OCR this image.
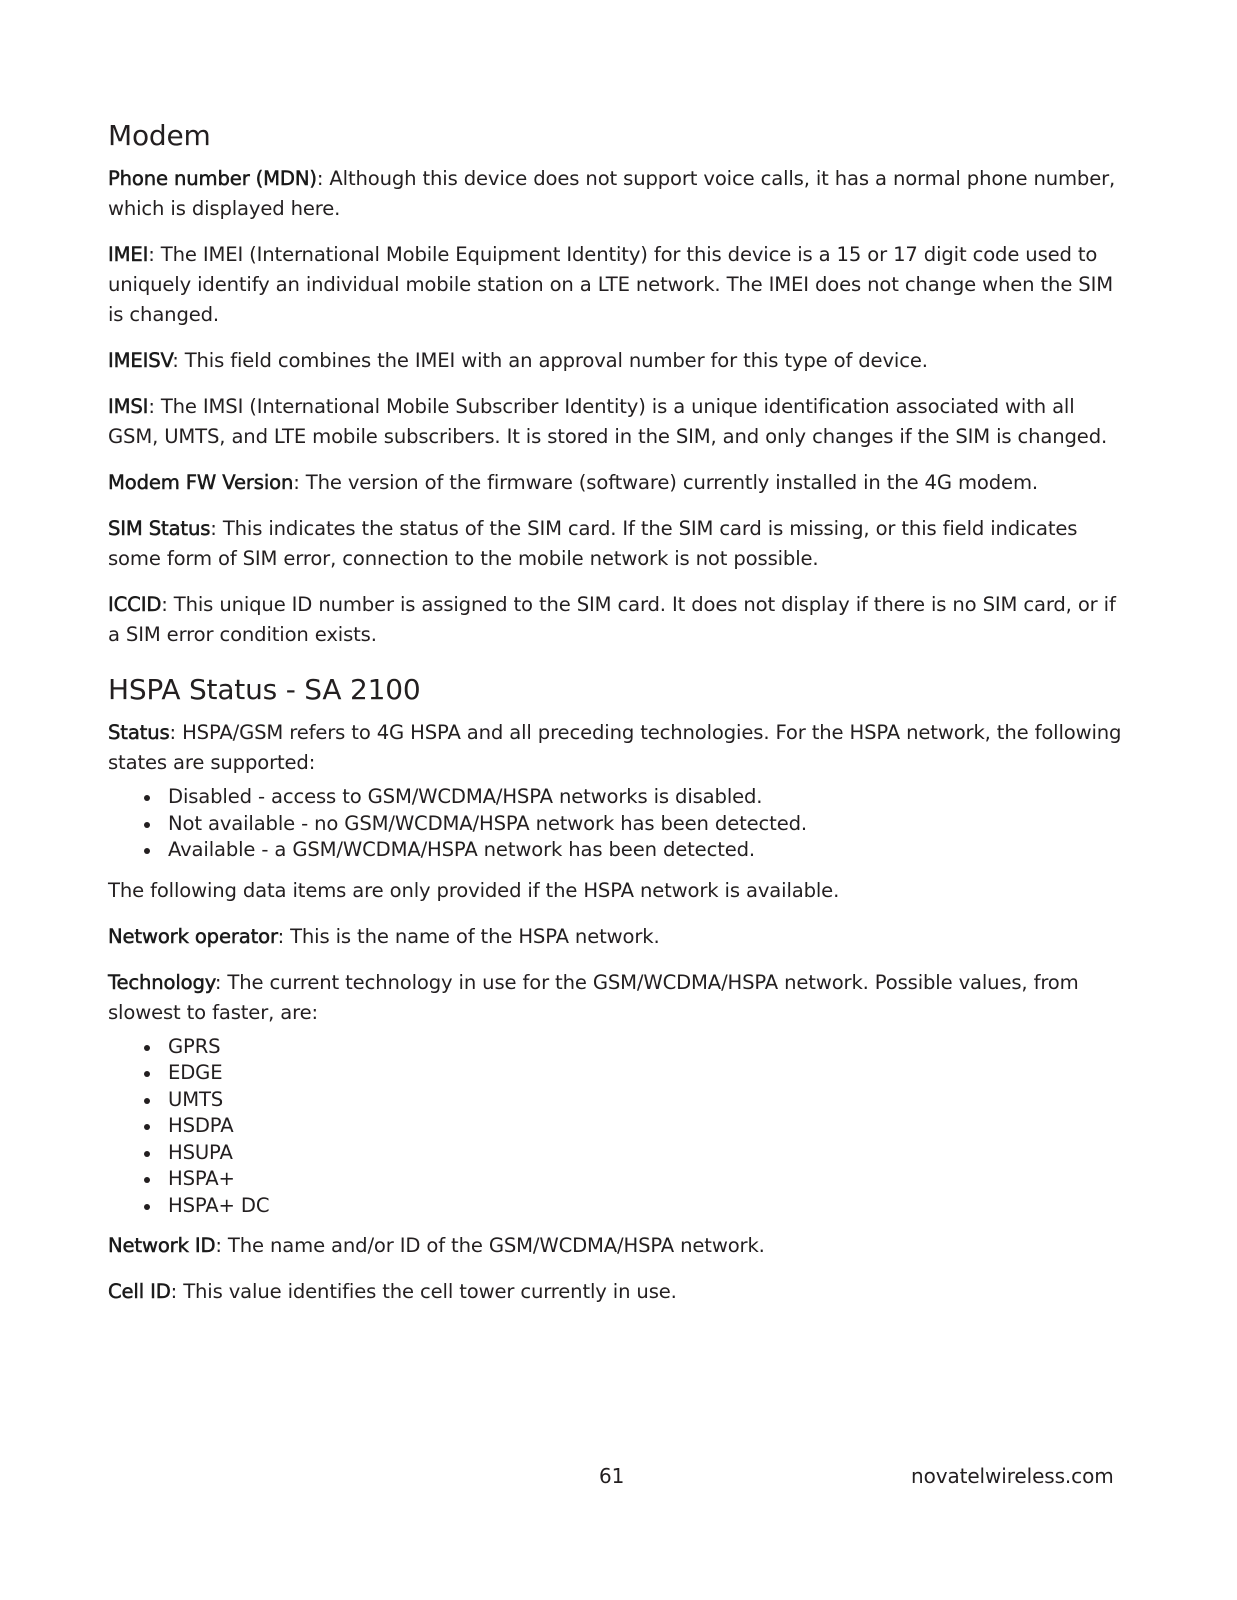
Modem

Phone number (MDN): Although this device does not support voice calls, it has a normal phone number, which is displayed here.

IMEI: The IMEI (International Mobile Equipment Identity) for this device is a 15 or 17 digit code used to uniquely identify an individual mobile station on a LTE network. The IMEI does not change when the SIM is changed.

IMEISV: This field combines the IMEI with an approval number for this type of device.

IMSI: The IMSI (International Mobile Subscriber Identity) is a unique identification associated with all GSM, UMTS, and LTE mobile subscribers. It is stored in the SIM, and only changes if the SIM is changed.

Modem FW Version: The version of the firmware (software) currently installed in the 4G modem.

SIM Status: This indicates the status of the SIM card. If the SIM card is missing, or this field indicates some form of SIM error, connection to the mobile network is not possible.

ICCID: This unique ID number is assigned to the SIM card. It does not display if there is no SIM card, or if a SIM error condition exists.

HSPA Status - SA 2100

Status: HSPA/GSM refers to 4G HSPA and all preceding technologies. For the HSPA network, the following states are supported:

Disabled - access to GSM/WCDMA/HSPA networks is disabled.
Not available - no GSM/WCDMA/HSPA network has been detected.
Available - a GSM/WCDMA/HSPA network has been detected.

The following data items are only provided if the HSPA network is available.

Network operator: This is the name of the HSPA network.

Technology: The current technology in use for the GSM/WCDMA/HSPA network. Possible values, from slowest to faster, are:

GPRS
EDGE
UMTS
HSDPA
HSUPA
HSPA+
HSPA+ DC

Network ID: The name and/or ID of the GSM/WCDMA/HSPA network.

Cell ID: This value identifies the cell tower currently in use.

61	novatelwireless.com
